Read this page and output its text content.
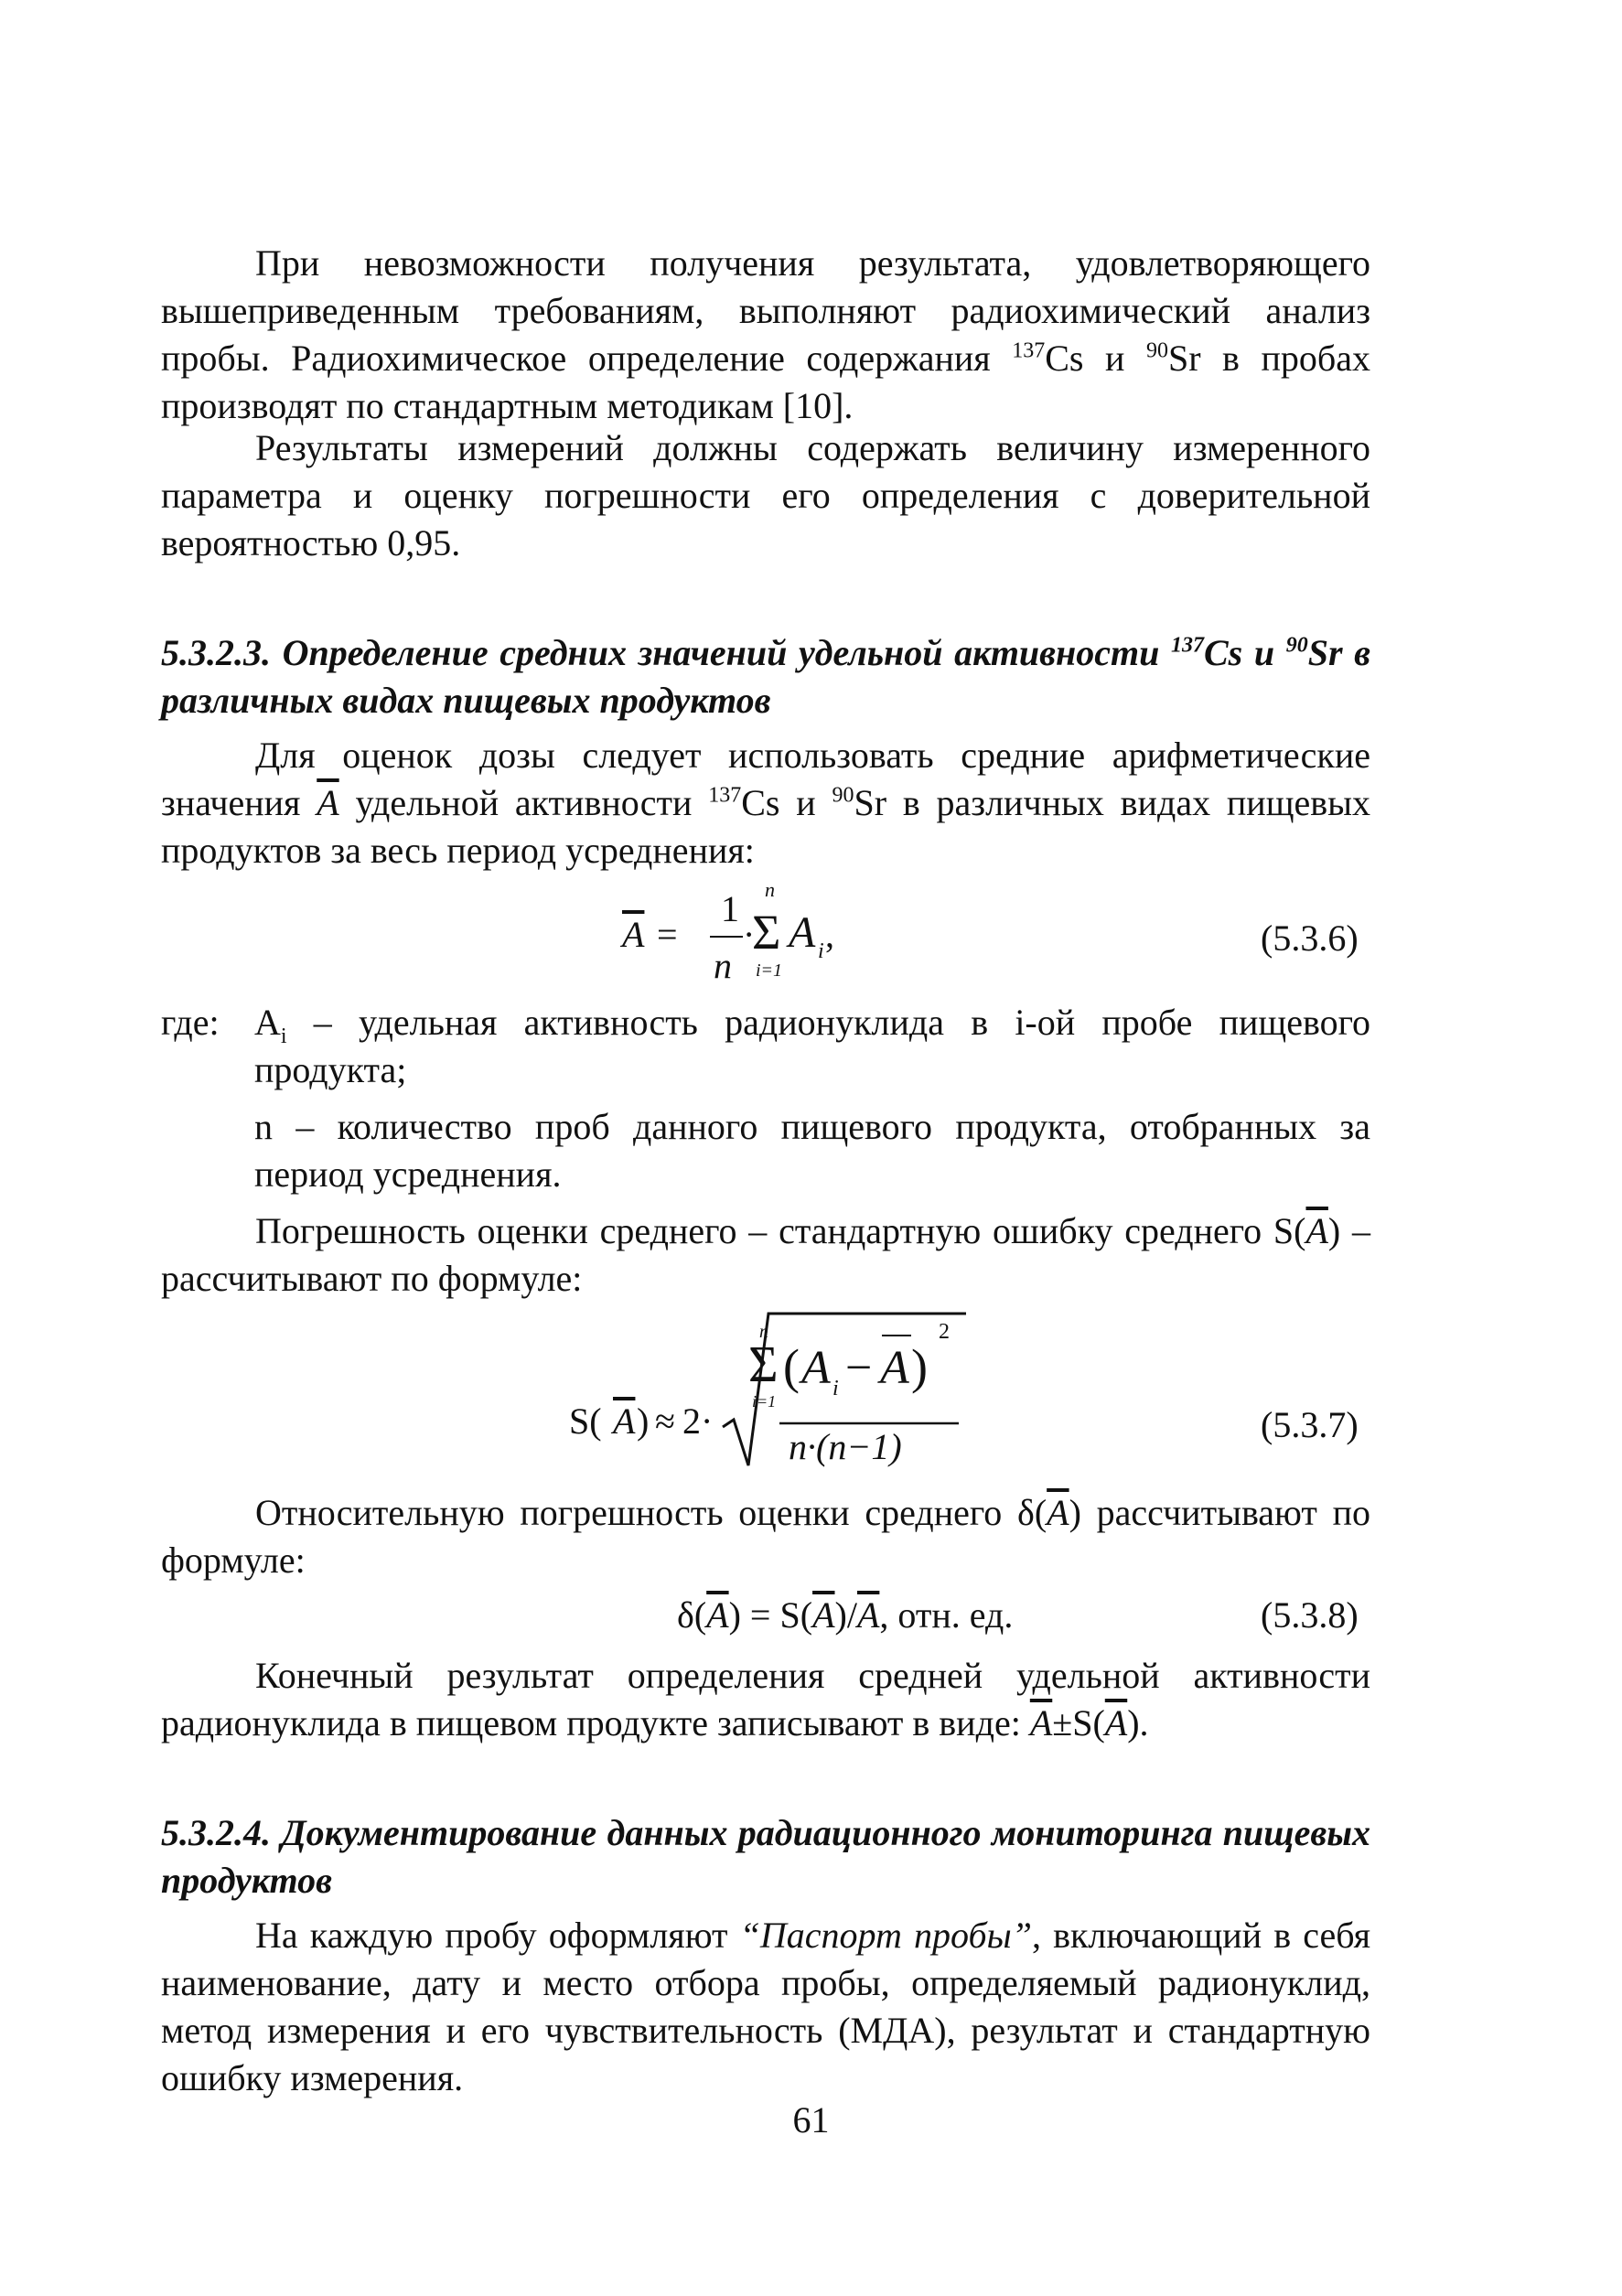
При невозможности получения результата, удовлетворяющего вышеприведенным требованиям, выполняют радиохимический анализ пробы. Радиохимическое определение содержания $^{137}$Cs и $^{90}$Sr в пробах производят по стандартным методикам [10].

Результаты измерений должны содержать величину измеренного параметра и оценку погрешности его определения с доверительной вероятностью 0,95.

5.3.2.3. Определение средних значений удельной активности $^{137}$Cs и $^{90}$Sr в различных видах пищевых продуктов

Для оценок дозы следует использовать средние арифметические значения $\overline{A}$ удельной активности $^{137}$Cs и $^{90}$Sr в различных видах пищевых продуктов за весь период усреднения:

$\overline{A}$ =
1
n
·
n
Σ
i=1
A i ,	(5.3.6)
где: $A_i$ – удельная активность радионуклида в i-ой пробе пищевого продукта;
n – количество проб данного пищевого продукта, отобранных за период усреднения.

Погрешность оценки среднего – стандартную ошибку среднего $S(\overline{A})$ – рассчитывают по формуле:

S( $\overline{A}$ ) ≈ 2·
n
Σ
i=1
( A i − A )
2
n·(n−1)
(5.3.7)

Относительную погрешность оценки среднего $\delta(\overline{A})$ рассчитывают по формуле:

$\delta(\overline{A}) = S(\overline{A})/\overline{A}$, отн. ед.	(5.3.8)

Конечный результат определения средней удельной активности радионуклида в пищевом продукте записывают в виде: $\overline{A}\pm S(\overline{A})$.

5.3.2.4. Документирование данных радиационного мониторинга пищевых продуктов

На каждую пробу оформляют “Паспорт пробы”, включающий в себя наименование, дату и место отбора пробы, определяемый радионуклид, метод измерения и его чувствительность (МДА), результат и стандартную ошибку измерения.

61
